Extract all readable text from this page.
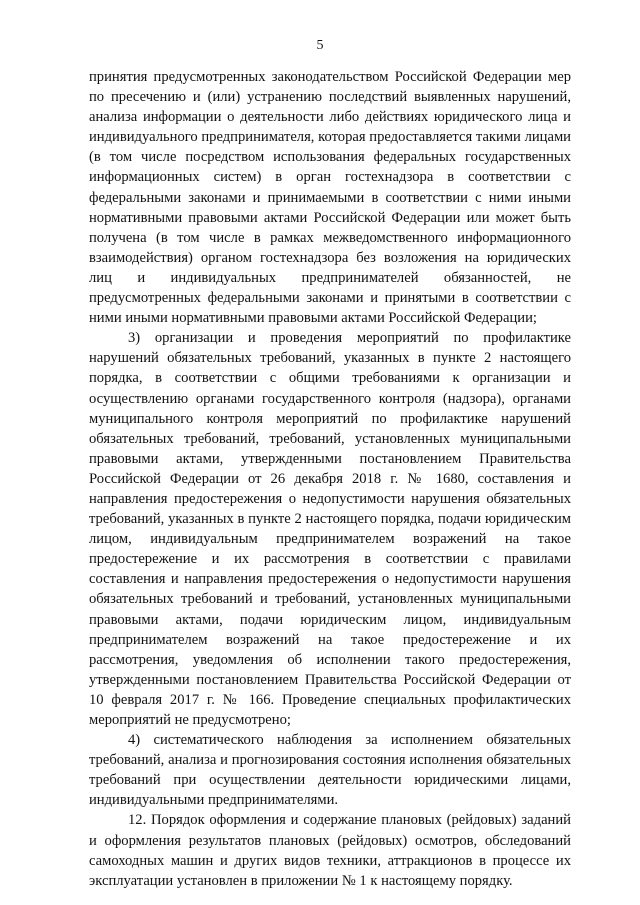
5

принятия предусмотренных законодательством Российской Федерации мер по пресечению и (или) устранению последствий выявленных нарушений, анализа информации о деятельности либо действиях юридического лица и индивидуального предпринимателя, которая предоставляется такими лицами (в том числе посредством использования федеральных государственных информационных систем) в орган гостехнадзора в соответствии с федеральными законами и принимаемыми в соответствии с ними иными нормативными правовыми актами Российской Федерации или может быть получена (в том числе в рамках межведомственного информационного взаимодействия) органом гостехнадзора без возложения на юридических лиц и индивидуальных предпринимателей обязанностей, не предусмотренных федеральными законами и принятыми в соответствии с ними иными нормативными правовыми актами Российской Федерации;

3) организации и проведения мероприятий по профилактике нарушений обязательных требований, указанных в пункте 2 настоящего порядка, в соответствии с общими требованиями к организации и осуществлению органами государственного контроля (надзора), органами муниципального контроля мероприятий по профилактике нарушений обязательных требований, требований, установленных муниципальными правовыми актами, утвержденными постановлением Правительства Российской Федерации от 26 декабря 2018 г. № 1680, составления и направления предостережения о недопустимости нарушения обязательных требований, указанных в пункте 2 настоящего порядка, подачи юридическим лицом, индивидуальным предпринимателем возражений на такое предостережение и их рассмотрения в соответствии с правилами составления и направления предостережения о недопустимости нарушения обязательных требований и требований, установленных муниципальными правовыми актами, подачи юридическим лицом, индивидуальным предпринимателем возражений на такое предостережение и их рассмотрения, уведомления об исполнении такого предостережения, утвержденными постановлением Правительства Российской Федерации от 10 февраля 2017 г. № 166. Проведение специальных профилактических мероприятий не предусмотрено;

4) систематического наблюдения за исполнением обязательных требований, анализа и прогнозирования состояния исполнения обязательных требований при осуществлении деятельности юридическими лицами, индивидуальными предпринимателями.

12. Порядок оформления и содержание плановых (рейдовых) заданий и оформления результатов плановых (рейдовых) осмотров, обследований самоходных машин и других видов техники, аттракционов в процессе их эксплуатации установлен в приложении № 1 к настоящему порядку.
